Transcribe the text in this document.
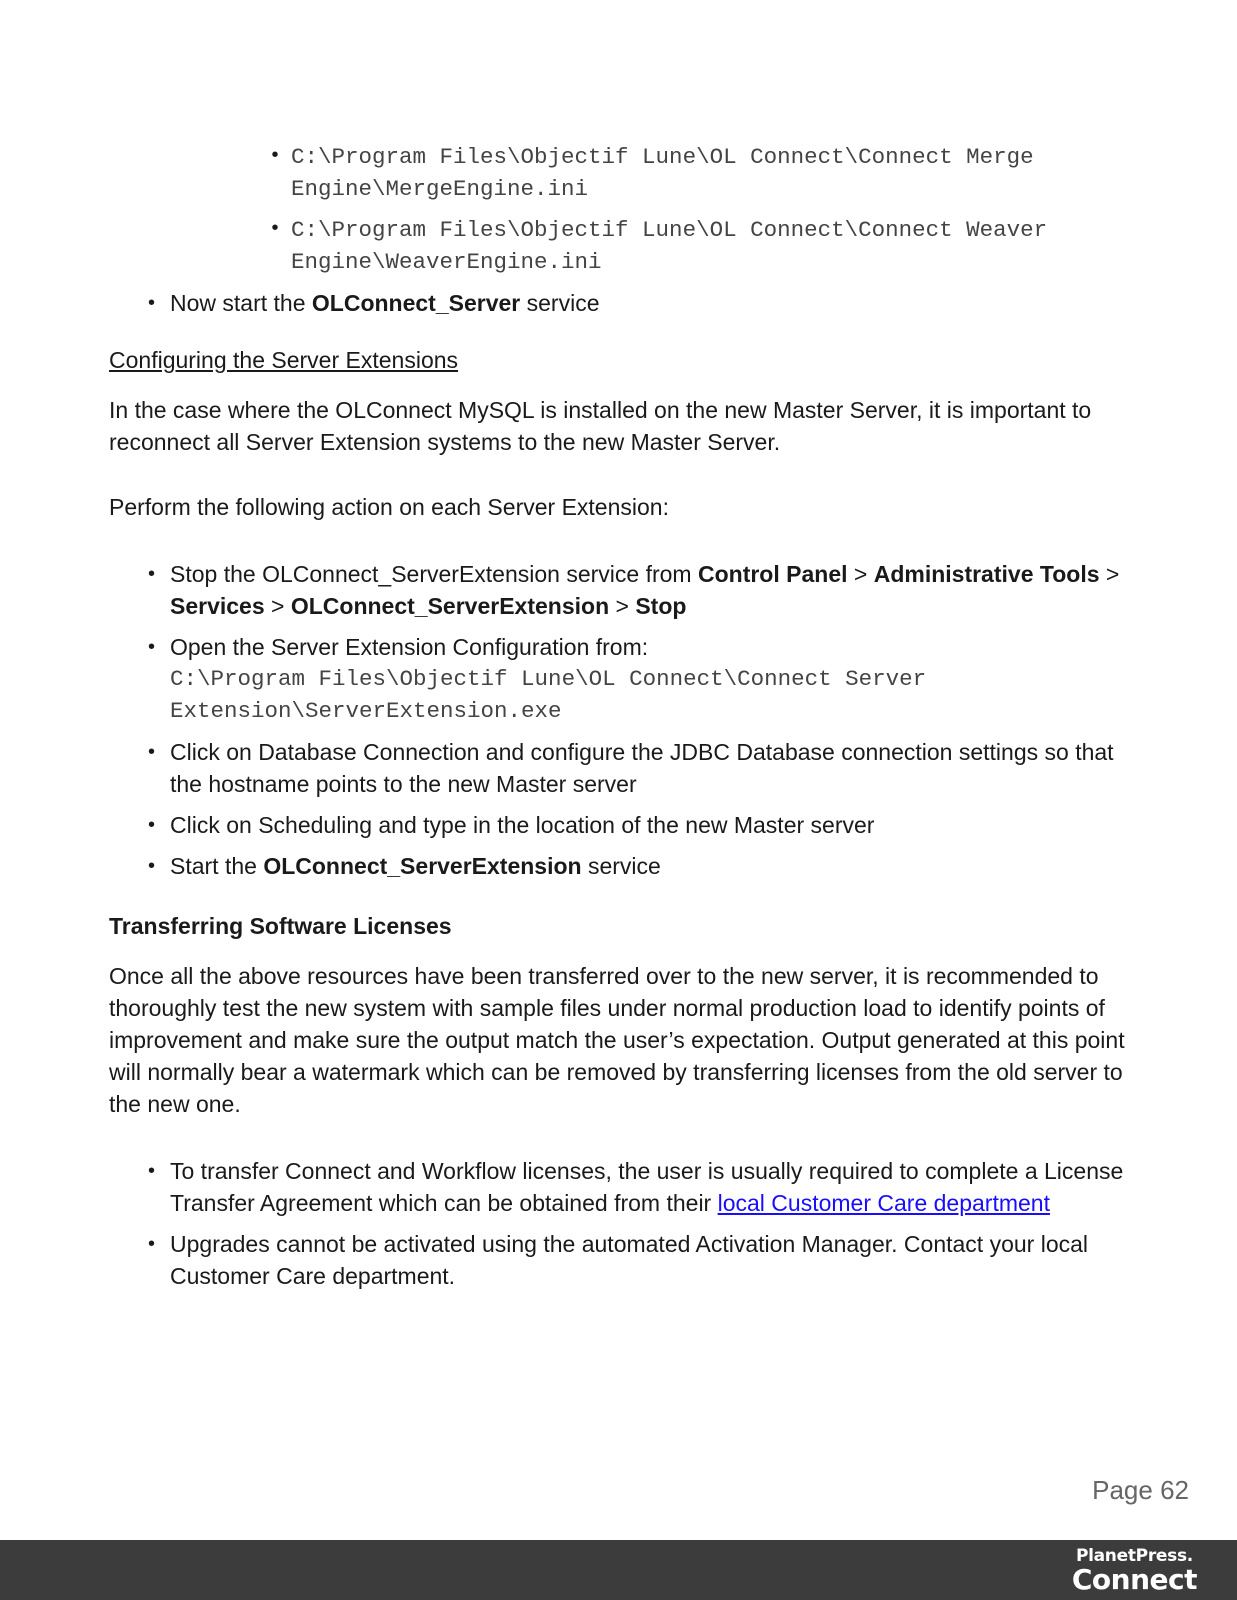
• C:\Program Files\Objectif Lune\OL Connect\Connect Merge Engine\MergeEngine.ini
• C:\Program Files\Objectif Lune\OL Connect\Connect Weaver Engine\WeaverEngine.ini
• Now start the OLConnect_Server service
Configuring the Server Extensions
In the case where the OLConnect MySQL is installed on the new Master Server, it is important to reconnect all Server Extension systems to the new Master Server.
Perform the following action on each Server Extension:
• Stop the OLConnect_ServerExtension service from Control Panel > Administrative Tools > Services > OLConnect_ServerExtension > Stop
• Open the Server Extension Configuration from:
C:\Program Files\Objectif Lune\OL Connect\Connect Server Extension\ServerExtension.exe
• Click on Database Connection and configure the JDBC Database connection settings so that the hostname points to the new Master server
• Click on Scheduling and type in the location of the new Master server
• Start the OLConnect_ServerExtension service
Transferring Software Licenses
Once all the above resources have been transferred over to the new server, it is recommended to thoroughly test the new system with sample files under normal production load to identify points of improvement and make sure the output match the user’s expectation. Output generated at this point will normally bear a watermark which can be removed by transferring licenses from the old server to the new one.
• To transfer Connect and Workflow licenses, the user is usually required to complete a License Transfer Agreement which can be obtained from their local Customer Care department
• Upgrades cannot be activated using the automated Activation Manager. Contact your local Customer Care department.
Page 62
PlanetPress.
Connect
